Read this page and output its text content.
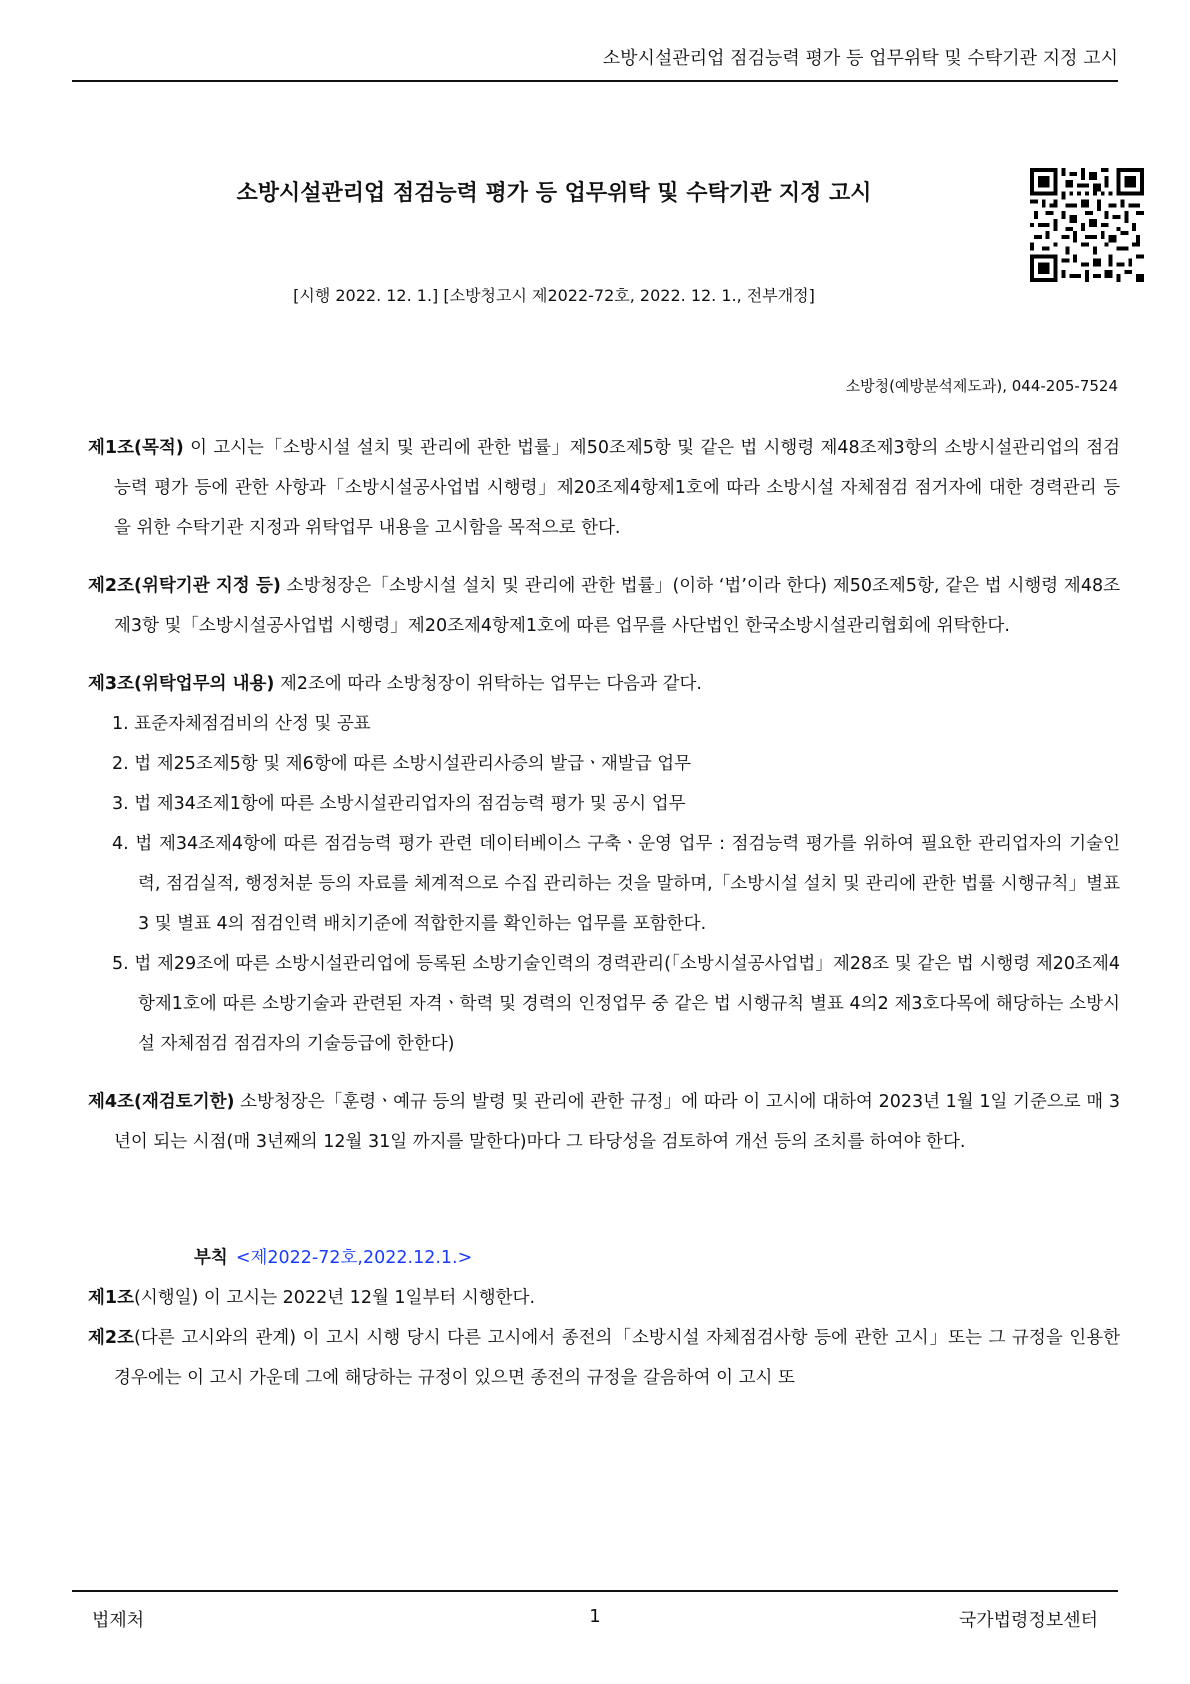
소방시설관리업 점검능력 평가 등 업무위탁 및 수탁기관 지정 고시
소방시설관리업 점검능력 평가 등 업무위탁 및 수탁기관 지정 고시
[시행 2022. 12. 1.] [소방청고시 제2022-72호, 2022. 12. 1., 전부개정]
소방청(예방분석제도과), 044-205-7524

제1조(목적) 이 고시는「소방시설 설치 및 관리에 관한 법률」제50조제5항 및 같은 법 시행령 제48조제3항의 소방시설관리업의 점검능력 평가 등에 관한 사항과「소방시설공사업법 시행령」제20조제4항제1호에 따라 소방시설 자체점검 점거자에 대한 경력관리 등을 위한 수탁기관 지정과 위탁업무 내용을 고시함을 목적으로 한다.

제2조(위탁기관 지정 등) 소방청장은「소방시설 설치 및 관리에 관한 법률」(이하 ‘법’이라 한다) 제50조제5항, 같은 법 시행령 제48조제3항 및「소방시설공사업법 시행령」제20조제4항제1호에 따른 업무를 사단법인 한국소방시설관리협회에 위탁한다.

제3조(위탁업무의 내용) 제2조에 따라 소방청장이 위탁하는 업무는 다음과 같다.

1. 표준자체점검비의 산정 및 공표
2. 법 제25조제5항 및 제6항에 따른 소방시설관리사증의 발급ㆍ재발급 업무
3. 법 제34조제1항에 따른 소방시설관리업자의 점검능력 평가 및 공시 업무
4. 법 제34조제4항에 따른 점검능력 평가 관련 데이터베이스 구축ㆍ운영 업무 : 점검능력 평가를 위하여 필요한 관리업자의 기술인력, 점검실적, 행정처분 등의 자료를 체계적으로 수집 관리하는 것을 말하며,「소방시설 설치 및 관리에 관한 법률 시행규칙」별표 3 및 별표 4의 점검인력 배치기준에 적합한지를 확인하는 업무를 포함한다.
5. 법 제29조에 따른 소방시설관리업에 등록된 소방기술인력의 경력관리(「소방시설공사업법」제28조 및 같은 법 시행령 제20조제4항제1호에 따른 소방기술과 관련된 자격ㆍ학력 및 경력의 인정업무 중 같은 법 시행규칙 별표 4의2 제3호다목에 해당하는 소방시설 자체점검 점검자의 기술등급에 한한다)

제4조(재검토기한) 소방청장은「훈령ㆍ예규 등의 발령 및 관리에 관한 규정」에 따라 이 고시에 대하여 2023년 1월 1일 기준으로 매 3년이 되는 시점(매 3년째의 12월 31일 까지를 말한다)마다 그 타당성을 검토하여 개선 등의 조치를 하여야 한다.

부칙 <제2022-72호,2022.12.1.>

제1조(시행일) 이 고시는 2022년 12월 1일부터 시행한다.

제2조(다른 고시와의 관계) 이 고시 시행 당시 다른 고시에서 종전의「소방시설 자체점검사항 등에 관한 고시」또는 그 규정을 인용한 경우에는 이 고시 가운데 그에 해당하는 규정이 있으면 종전의 규정을 갈음하여 이 고시 또

법제처	1	국가법령정보센터
